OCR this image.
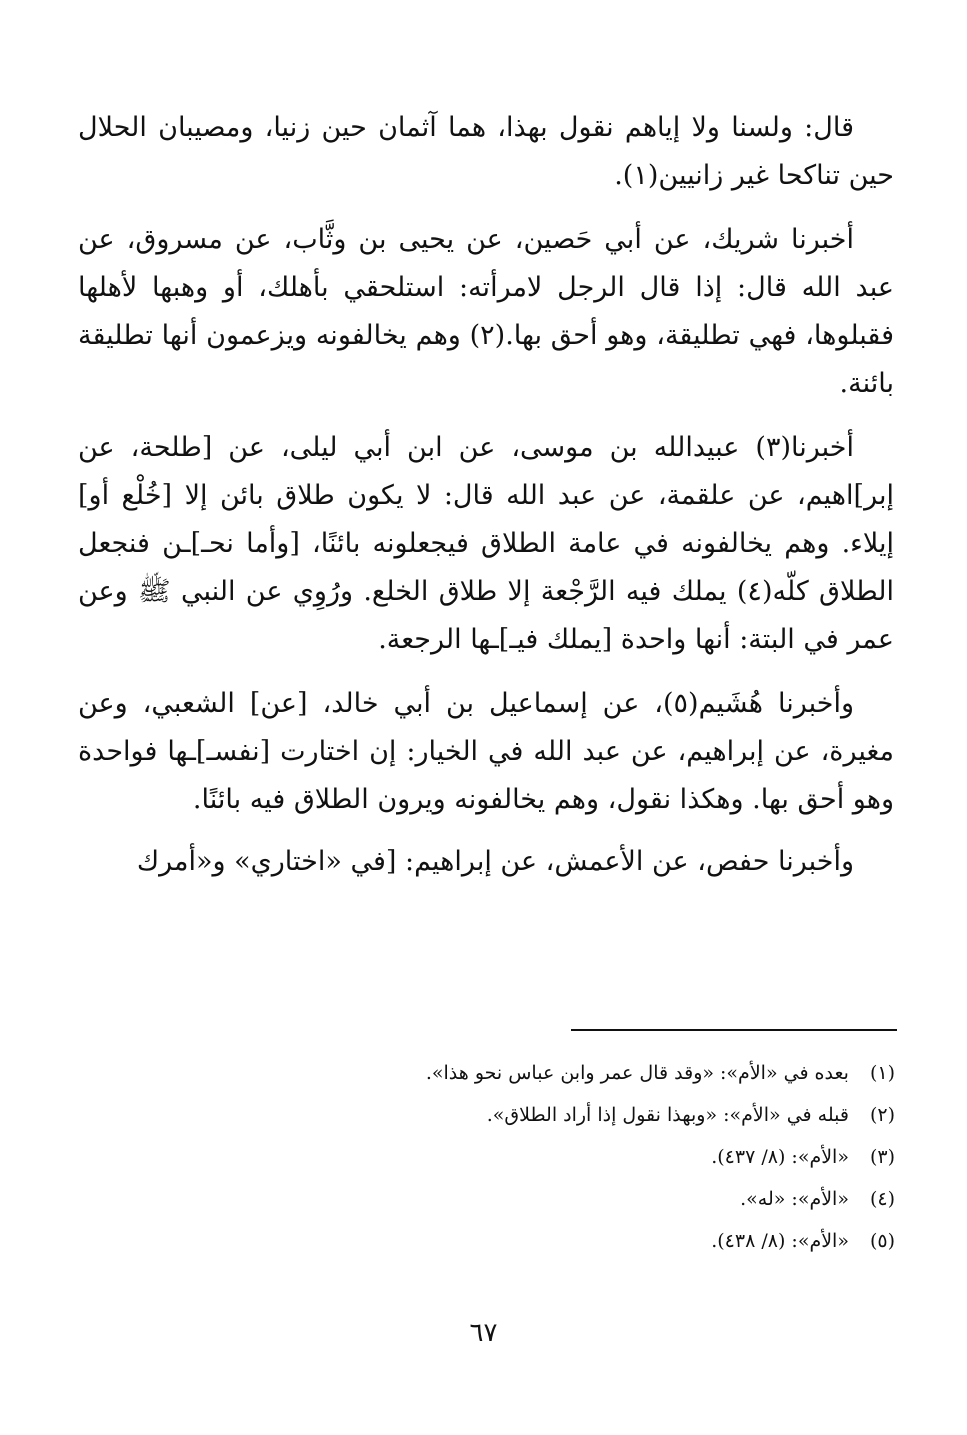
قال: ولسنا ولا إياهم نقول بهذا، هما آثمان حين زنيا، ومصيبان الحلال حين تناكحا غير زانيين(١).

أخبرنا شريك، عن أبي حَصين، عن يحيى بن وثَّاب، عن مسروق، عن عبد الله قال: إذا قال الرجل لامرأته: استلحقي بأهلك، أو وهبها لأهلها فقبلوها، فهي تطليقة، وهو أحق بها.(٢) وهم يخالفونه ويزعمون أنها تطليقة بائنة.

أخبرنا(٣) عبيدالله بن موسى، عن ابن أبي ليلى، عن [طلحة، عن إبر]اهيم، عن علقمة، عن عبد الله قال: لا يكون طلاق بائن إلا [خُلْع أو] إيلاء. وهم يخالفونه في عامة الطلاق فيجعلونه بائنًا، [وأما نحـ]ـن فنجعل الطلاق كلّه(٤) يملك فيه الرَّجْعة إلا طلاق الخلع. ورُوِي عن النبي ﷺ وعن عمر في البتة: أنها واحدة [يملك فيـ]ـها الرجعة.

وأخبرنا هُشَيم(٥)، عن إسماعيل بن أبي خالد، [عن] الشعبي، وعن مغيرة، عن إبراهيم، عن عبد الله في الخيار: إن اختارت [نفسـ]ـها فواحدة وهو أحق بها. وهكذا نقول، وهم يخالفونه ويرون الطلاق فيه بائنًا.

وأخبرنا حفص، عن الأعمش، عن إبراهيم: [في «اختاري» و«أمرك

(١) بعده في «الأم»: «وقد قال عمر وابن عباس نحو هذا».
(٢) قبله في «الأم»: «وبهذا نقول إذا أراد الطلاق».
(٣) «الأم»: (٨/ ٤٣٧).
(٤) «الأم»: «له».
(٥) «الأم»: (٨/ ٤٣٨).
٦٧
